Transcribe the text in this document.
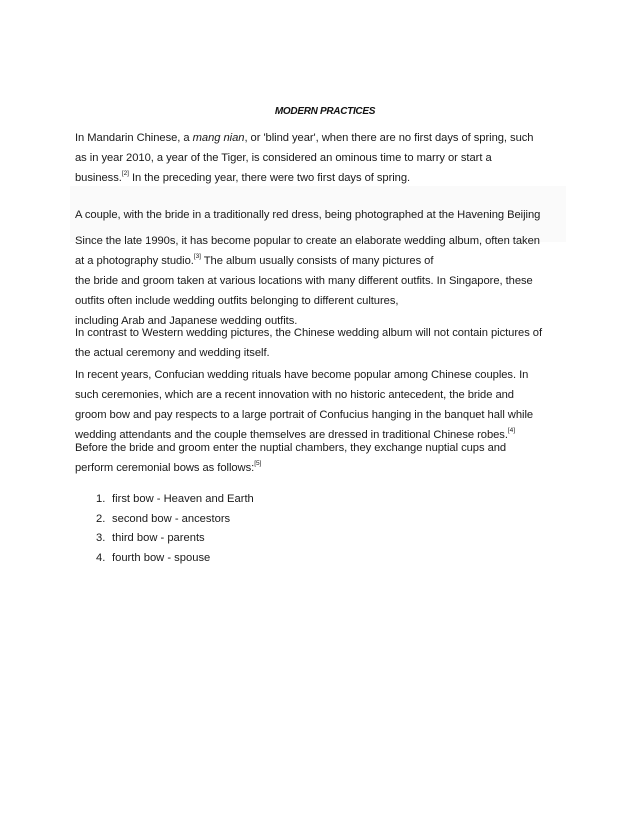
MODERN PRACTICES
In Mandarin Chinese, a mang nian, or 'blind year', when there are no first days of spring, such
as in year 2010, a year of the Tiger, is considered an ominous time to marry or start a
business.[2] In the preceding year, there were two first days of spring.
A couple, with the bride in a traditionally red dress, being photographed at the Havening Beijing
Since the late 1990s, it has become popular to create an elaborate wedding album, often taken
at a photography studio.[3] The album usually consists of many pictures of
the bride and groom taken at various locations with many different outfits. In Singapore, these
outfits often include wedding outfits belonging to different cultures,
including Arab and Japanese wedding outfits.
In contrast to Western wedding pictures, the Chinese wedding album will not contain pictures of
the actual ceremony and wedding itself.
In recent years, Confucian wedding rituals have become popular among Chinese couples. In
such ceremonies, which are a recent innovation with no historic antecedent, the bride and
groom bow and pay respects to a large portrait of Confucius hanging in the banquet hall while
wedding attendants and the couple themselves are dressed in traditional Chinese robes.[4]
Before the bride and groom enter the nuptial chambers, they exchange nuptial cups and
perform ceremonial bows as follows:[5]
1. first bow - Heaven and Earth
2. second bow - ancestors
3. third bow - parents
4. fourth bow - spouse
